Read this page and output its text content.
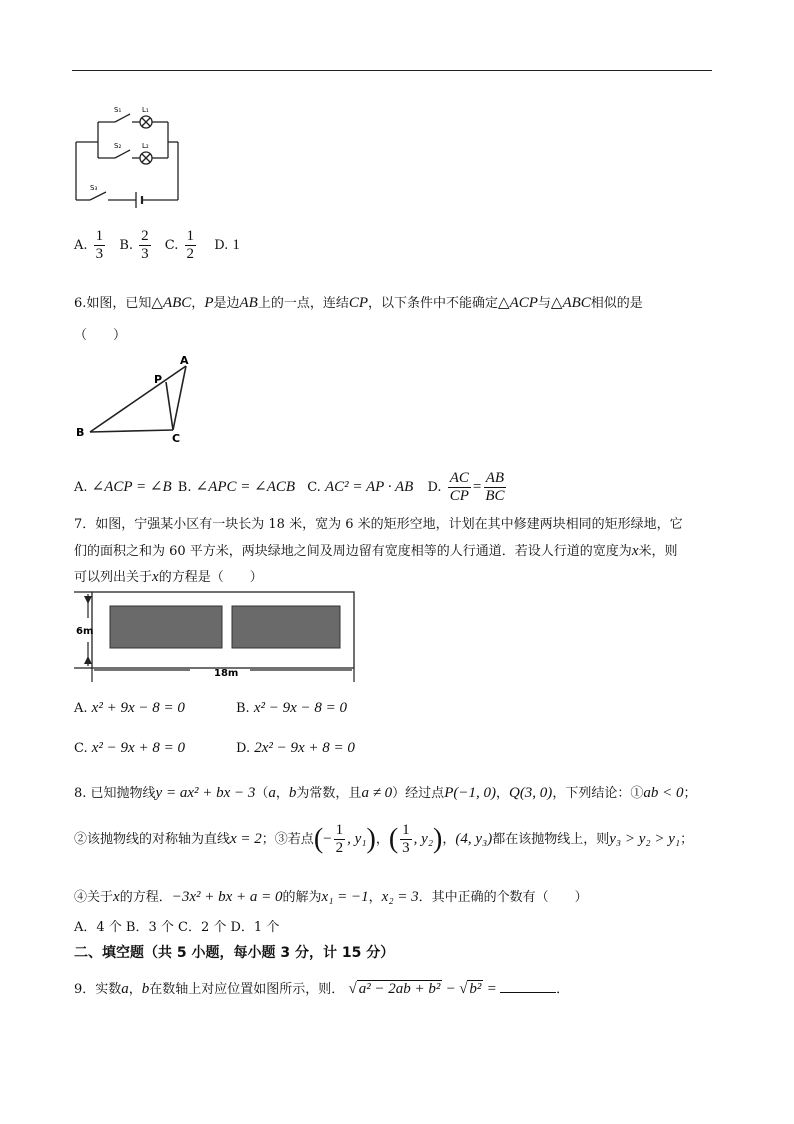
S₁	L₁
S₂	L₂
S₃
A. $\frac{1}{3} B$. $\frac{2}{3} C$. $\frac{1}{2} D$. 1
6.如图，已知△ABC，P是边AB上的一点，连结CP，以下条件中不能确定△ACP与△ABC相似的是
（　　）
A
P
B	C
A. ∠ACP = ∠B B. ∠APC = ∠ACB C. AC² = AP · AB D. $\frac{AC}{CP} = \frac{AB}{BC}$
7．如图，宁强某小区有一块长为 18 米，宽为 6 米的矩形空地，计划在其中修建两块相同的矩形绿地，它
们的面积之和为 60 平方米，两块绿地之间及周边留有宽度相等的人行通道．若设人行道的宽度为x米，则
可以列出关于x的方程是（　　）
6m
18m
A. x² + 9x − 8 = 0	B. x² − 9x − 8 = 0
C. x² − 9x + 8 = 0	D. 2x² − 9x + 8 = 0
8. 已知抛物线y = ax² + bx − 3（a，b为常数，且a ≠ 0）经过点P(−1, 0)，Q(3, 0)，下列结论：①ab < 0；
②该抛物线的对称轴为直线x = 2；③若点(− $\frac{1}{2}$ , y₁)，( $\frac{1}{3}$ , y₂)，(4, y₃)都在该抛物线上，则y₃ > y₂ > y₁；
④关于x的方程．−3x² + bx + a = 0的解为x₁ = −1，x₂ = 3．其中正确的个数有（　　）
A．4 个 B．3 个 C．2 个 D．1 个
二、填空题（共 5 小题，每小题 3 分，计 15 分）
9．实数a，b在数轴上对应位置如图所示，则． √ a² − 2ab + b² − √ b² =	．
